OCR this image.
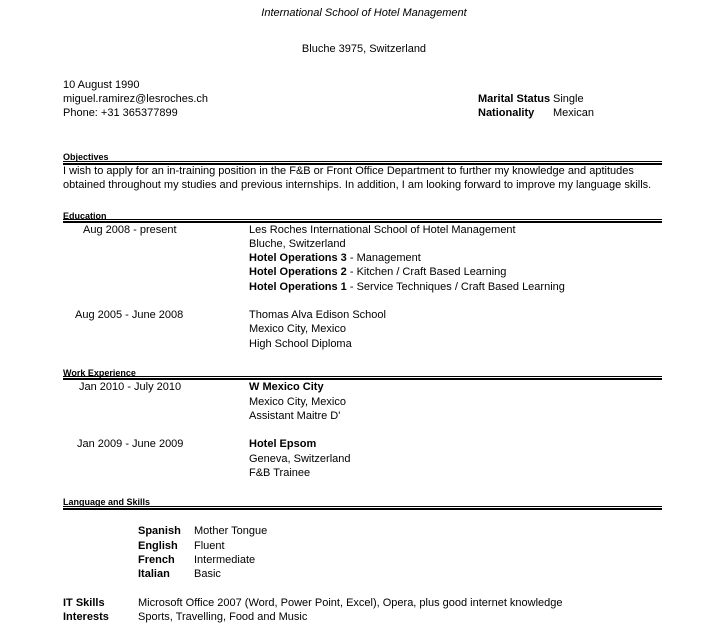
International School of Hotel Management
Bluche 3975, Switzerland
10 August 1990
miguel.ramirez@lesroches.ch
Phone: +31 365377899
Marital Status Single
Nationality Mexican
Objectives
I wish to apply for an in-training position in the F&B or Front Office Department to further my knowledge and aptitudes
obtained throughout my studies and previous internships. In addition, I am looking forward to improve my language skills.
Education
Aug 2008 - present	Les Roches International School of Hotel Management
Bluche, Switzerland
Hotel Operations 3 - Management
Hotel Operations 2 - Kitchen / Craft Based Learning
Hotel Operations 1 - Service Techniques / Craft Based Learning
Aug 2005 - June 2008	Thomas Alva Edison School
Mexico City, Mexico
High School Diploma
Work Experience
Jan 2010 - July 2010	W Mexico City
Mexico City, Mexico
Assistant Maitre D'
Jan 2009 - June 2009	Hotel Epsom
Geneva, Switzerland
F&B Trainee
Language and Skills
Spanish Mother Tongue
English Fluent
French Intermediate
Italian Basic
IT Skills	Microsoft Office 2007 (Word, Power Point, Excel), Opera, plus good internet knowledge
Interests	Sports, Travelling, Food and Music
